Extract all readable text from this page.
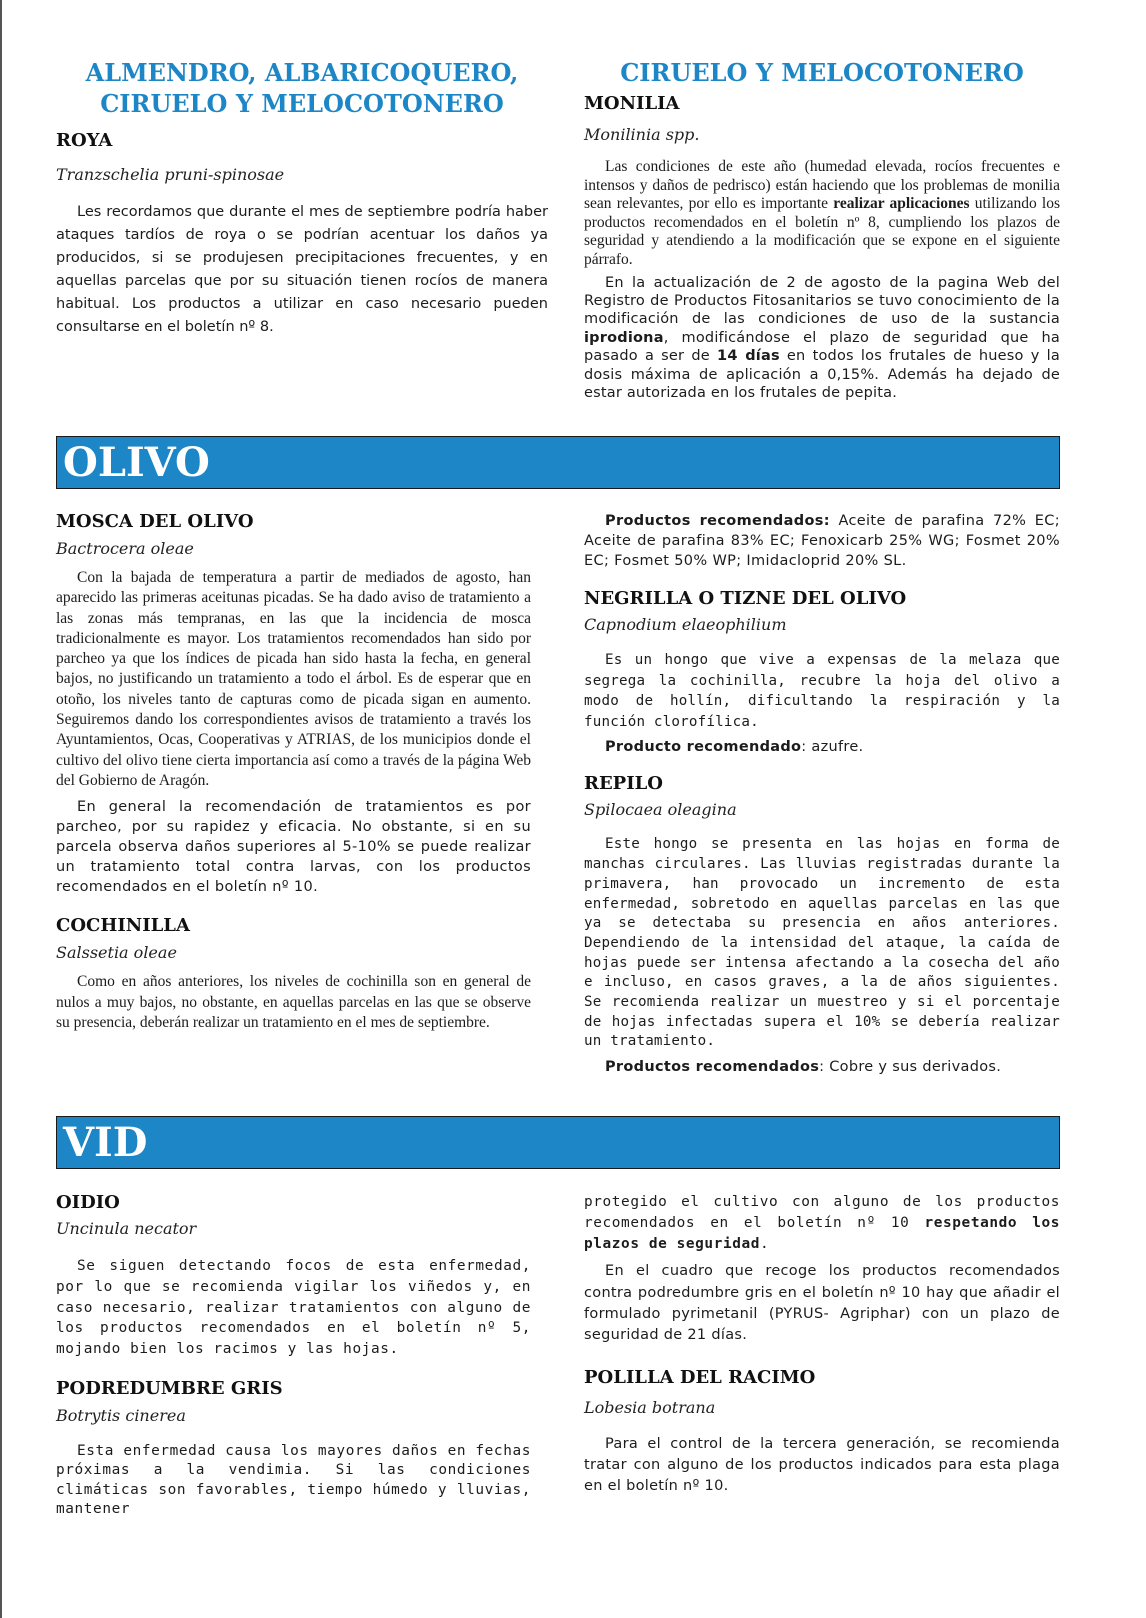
ALMENDRO, ALBARICOQUERO, CIRUELO Y MELOCOTONERO
ROYA
Tranzschelia pruni-spinosae

Les recordamos que durante el mes de septiembre podría haber ataques tardíos de roya o se podrían acentuar los daños ya producidos, si se produjesen precipitaciones frecuentes, y en aquellas parcelas que por su situación tienen rocíos de manera habitual. Los productos a utilizar en caso necesario pueden consultarse en el boletín nº 8.

CIRUELO Y MELOCOTONERO
MONILIA
Monilinia spp.

Las condiciones de este año (humedad elevada, rocíos frecuentes e intensos y daños de pedrisco) están haciendo que los problemas de monilia sean relevantes, por ello es importante realizar aplicaciones utilizando los productos recomendados en el boletín nº 8, cumpliendo los plazos de seguridad y atendiendo a la modificación que se expone en el siguiente párrafo.

En la actualización de 2 de agosto de la pagina Web del Registro de Productos Fitosanitarios se tuvo conocimiento de la modificación de las condiciones de uso de la sustancia iprodiona, modificándose el plazo de seguridad que ha pasado a ser de 14 días en todos los frutales de hueso y la dosis máxima de aplicación a 0,15%. Además ha dejado de estar autorizada en los frutales de pepita.

OLIVO
MOSCA DEL OLIVO
Bactrocera oleae

Con la bajada de temperatura a partir de mediados de agosto, han aparecido las primeras aceitunas picadas. Se ha dado aviso de tratamiento a las zonas más tempranas, en las que la incidencia de mosca tradicionalmente es mayor. Los tratamientos recomendados han sido por parcheo ya que los índices de picada han sido hasta la fecha, en general bajos, no justificando un tratamiento a todo el árbol. Es de esperar que en otoño, los niveles tanto de capturas como de picada sigan en aumento. Seguiremos dando los correspondientes avisos de tratamiento a través los Ayuntamientos, Ocas, Cooperativas y ATRIAS, de los municipios donde el cultivo del olivo tiene cierta importancia así como a través de la página Web del Gobierno de Aragón.

En general la recomendación de tratamientos es por parcheo, por su rapidez y eficacia. No obstante, si en su parcela observa daños superiores al 5-10% se puede realizar un tratamiento total contra larvas, con los productos recomendados en el boletín nº 10.

COCHINILLA
Salssetia oleae

Como en años anteriores, los niveles de cochinilla son en general de nulos a muy bajos, no obstante, en aquellas parcelas en las que se observe su presencia, deberán realizar un tratamiento en el mes de septiembre.

Productos recomendados: Aceite de parafina 72% EC; Aceite de parafina 83% EC; Fenoxicarb 25% WG; Fosmet 20% EC; Fosmet 50% WP; Imidacloprid 20% SL.

NEGRILLA O TIZNE DEL OLIVO
Capnodium elaeophilium

Es un hongo que vive a expensas de la melaza que segrega la cochinilla, recubre la hoja del olivo a modo de hollín, dificultando la respiración y la función clorofílica.

Producto recomendado: azufre.

REPILO
Spilocaea oleagina

Este hongo se presenta en las hojas en forma de manchas circulares. Las lluvias registradas durante la primavera, han provocado un incremento de esta enfermedad, sobretodo en aquellas parcelas en las que ya se detectaba su presencia en años anteriores. Dependiendo de la intensidad del ataque, la caída de hojas puede ser intensa afectando a la cosecha del año e incluso, en casos graves, a la de años siguientes. Se recomienda realizar un muestreo y si el porcentaje de hojas infectadas supera el 10% se debería realizar un tratamiento.

Productos recomendados: Cobre y sus derivados.

VID
OIDIO
Uncinula necator

Se siguen detectando focos de esta enfermedad, por lo que se recomienda vigilar los viñedos y, en caso necesario, realizar tratamientos con alguno de los productos recomendados en el boletín nº 5, mojando bien los racimos y las hojas.

PODREDUMBRE GRIS
Botrytis cinerea

Esta enfermedad causa los mayores daños en fechas próximas a la vendimia. Si las condiciones climáticas son favorables, tiempo húmedo y lluvias, mantener

protegido el cultivo con alguno de los productos recomendados en el boletín nº 10 respetando los plazos de seguridad.

En el cuadro que recoge los productos recomendados contra podredumbre gris en el boletín nº 10 hay que añadir el formulado pyrimetanil (PYRUS- Agriphar) con un plazo de seguridad de 21 días.

POLILLA DEL RACIMO
Lobesia botrana

Para el control de la tercera generación, se recomienda tratar con alguno de los productos indicados para esta plaga en el boletín nº 10.
